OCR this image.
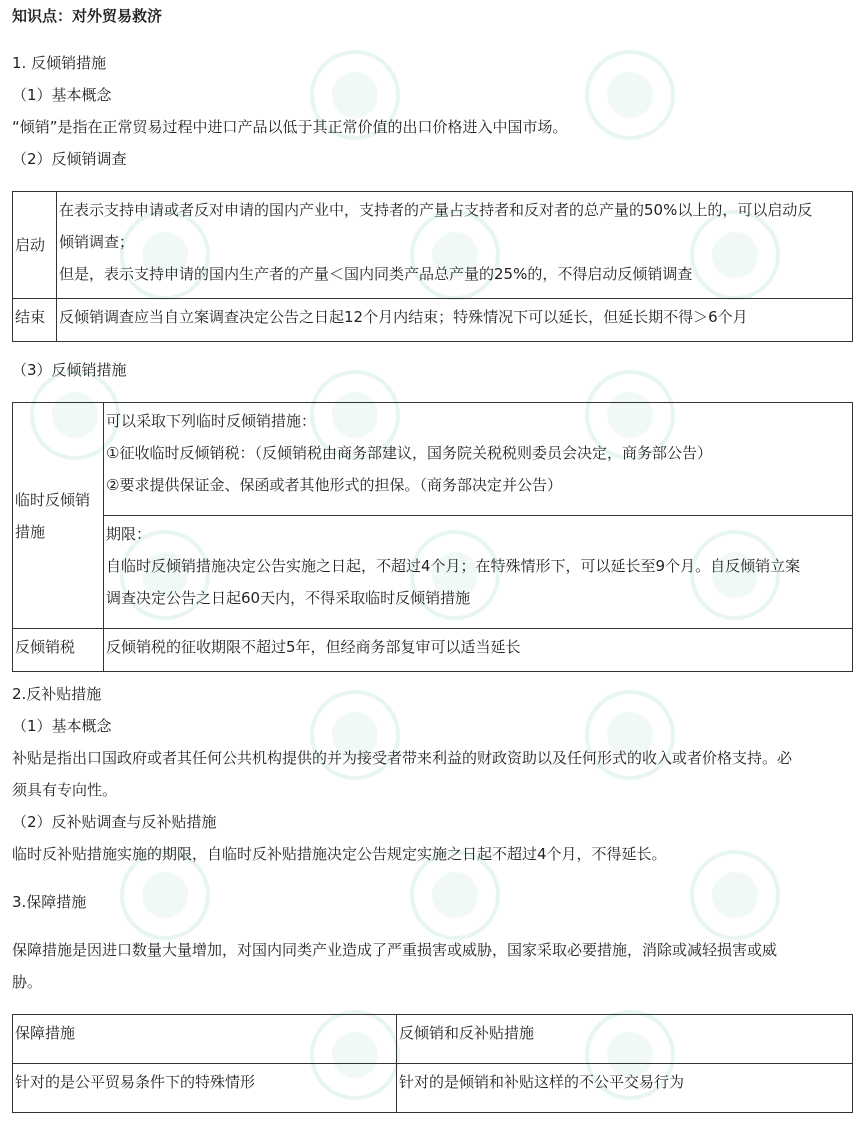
知识点：对外贸易救济
1. 反倾销措施
（1）基本概念
“倾销”是指在正常贸易过程中进口产品以低于其正常价值的出口价格进入中国市场。
（2）反倾销调查
启动	在表示支持申请或者反对申请的国内产业中，支持者的产量占支持者和反对者的总产量的50%以上的，可以启动反
倾销调查；
但是，表示支持申请的国内生产者的产量＜国内同类产品总产量的25%的，不得启动反倾销调查

结束	反倾销调查应当自立案调查决定公告之日起12个月内结束；特殊情况下可以延长，但延长期不得＞6个月
（3）反倾销措施
临时反倾销
措施	可以采取下列临时反倾销措施：
①征收临时反倾销税：（反倾销税由商务部建议，国务院关税税则委员会决定，商务部公告）
②要求提供保证金、保函或者其他形式的担保。（商务部决定并公告）

	期限：
自临时反倾销措施决定公告实施之日起，不超过4个月；在特殊情形下，可以延长至9个月。自反倾销立案
调查决定公告之日起60天内，不得采取临时反倾销措施

反倾销税	反倾销税的征收期限不超过5年，但经商务部复审可以适当延长
2.反补贴措施
（1）基本概念
补贴是指出口国政府或者其任何公共机构提供的并为接受者带来利益的财政资助以及任何形式的收入或者价格支持。必
须具有专向性。
（2）反补贴调查与反补贴措施
临时反补贴措施实施的期限，自临时反补贴措施决定公告规定实施之日起不超过4个月，不得延长。
3.保障措施
保障措施是因进口数量大量增加，对国内同类产业造成了严重损害或威胁，国家采取必要措施，消除或减轻损害或威
胁。
保障措施	反倾销和反补贴措施
针对的是公平贸易条件下的特殊情形	针对的是倾销和补贴这样的不公平交易行为
